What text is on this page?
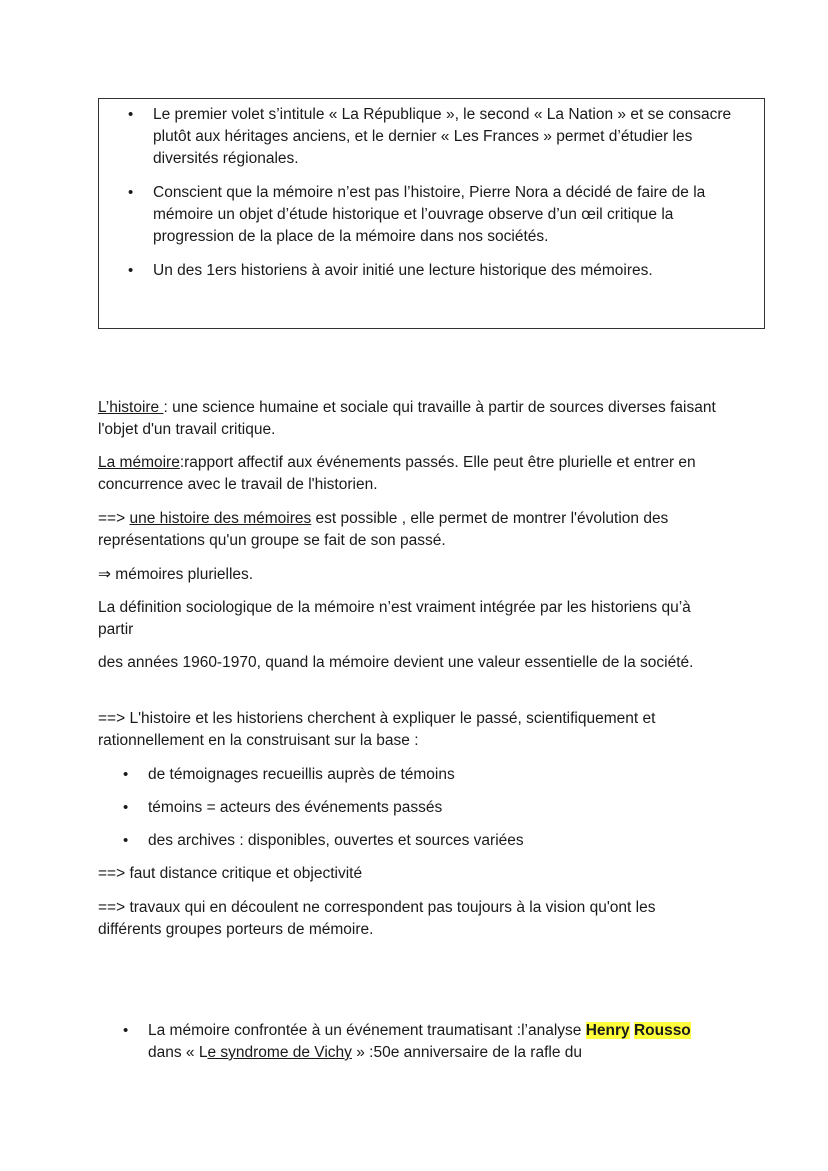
• Le premier volet s’intitule « La République », le second « La Nation » et se consacre plutôt aux héritages anciens, et le dernier « Les Frances » permet d’étudier les diversités régionales.
• Conscient que la mémoire n’est pas l’histoire, Pierre Nora a décidé de faire de la mémoire un objet d’étude historique et l’ouvrage observe d’un œil critique la progression de la place de la mémoire dans nos sociétés.
• Un des 1ers historiens à avoir initié une lecture historique des mémoires.
L’histoire : une science humaine et sociale qui travaille à partir de sources diverses faisant l'objet d'un travail critique.
La mémoire:rapport affectif aux événements passés. Elle peut être plurielle et entrer en concurrence avec le travail de l'historien.
==> une histoire des mémoires est possible , elle permet de montrer l'évolution des représentations qu'un groupe se fait de son passé.
⇒ mémoires plurielles.
La définition sociologique de la mémoire n’est vraiment intégrée par les historiens qu’à partir
des années 1960-1970, quand la mémoire devient une valeur essentielle de la société.
==> L'histoire et les historiens cherchent à expliquer le passé, scientifiquement et rationnellement en la construisant sur la base :
• de témoignages recueillis auprès de témoins
• témoins = acteurs des événements passés
• des archives : disponibles, ouvertes et sources variées
==> faut distance critique et objectivité
==> travaux qui en découlent ne correspondent pas toujours à la vision qu'ont les différents groupes porteurs de mémoire.
• La mémoire confrontée à un événement traumatisant :l’analyse Henry Rousso dans « Le syndrome de Vichy » :50e anniversaire de la rafle du
